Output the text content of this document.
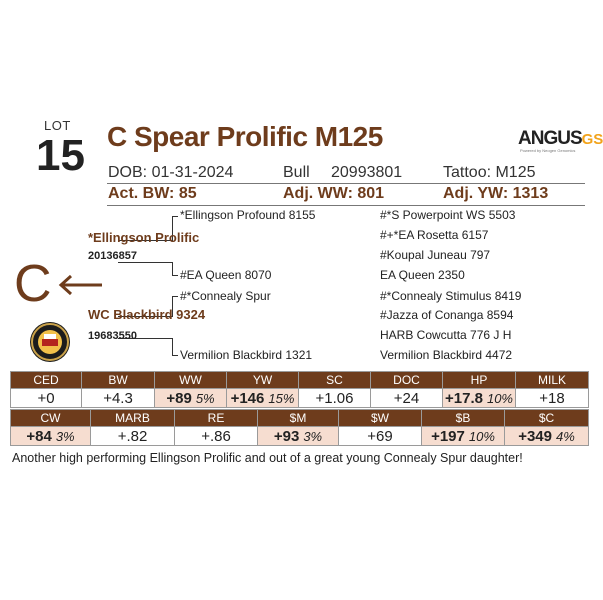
LOT
15 C Spear Prolific M125	ANGUSGS
Powered by Neogen Genomics
DOB: 01-31-2024	Bull 20993801	Tattoo: M125
Act. BW: 85	Adj. WW: 801	Adj. YW: 1313
*Ellingson Profound 8155
*Ellingson Prolific
20136857
#EA Queen 8070
#*Connealy Spur
WC Blackbird 9324
19683550
Vermilion Blackbird 1321
#*S Powerpoint WS 5503
#+*EA Rosetta 6157
#Koupal Juneau 797
EA Queen 2350
#*Connealy Stimulus 8419
#Jazza of Conanga 8594
HARB Cowcutta 776 J H
Vermilion Blackbird 4472
C
CED	BW	WW	YW	SC	DOC	HP	MILK
+0	+4.3	+89 5%	+146 15%	+1.06	+24	+17.8 10%	+18
CW	MARB	RE	$M	$W	$B	$C
+84 3%	+.82	+.86	+93 3%	+69	+197 10%	+349 4%
Another high performing Ellingson Prolific and out of a great young Connealy Spur daughter!
